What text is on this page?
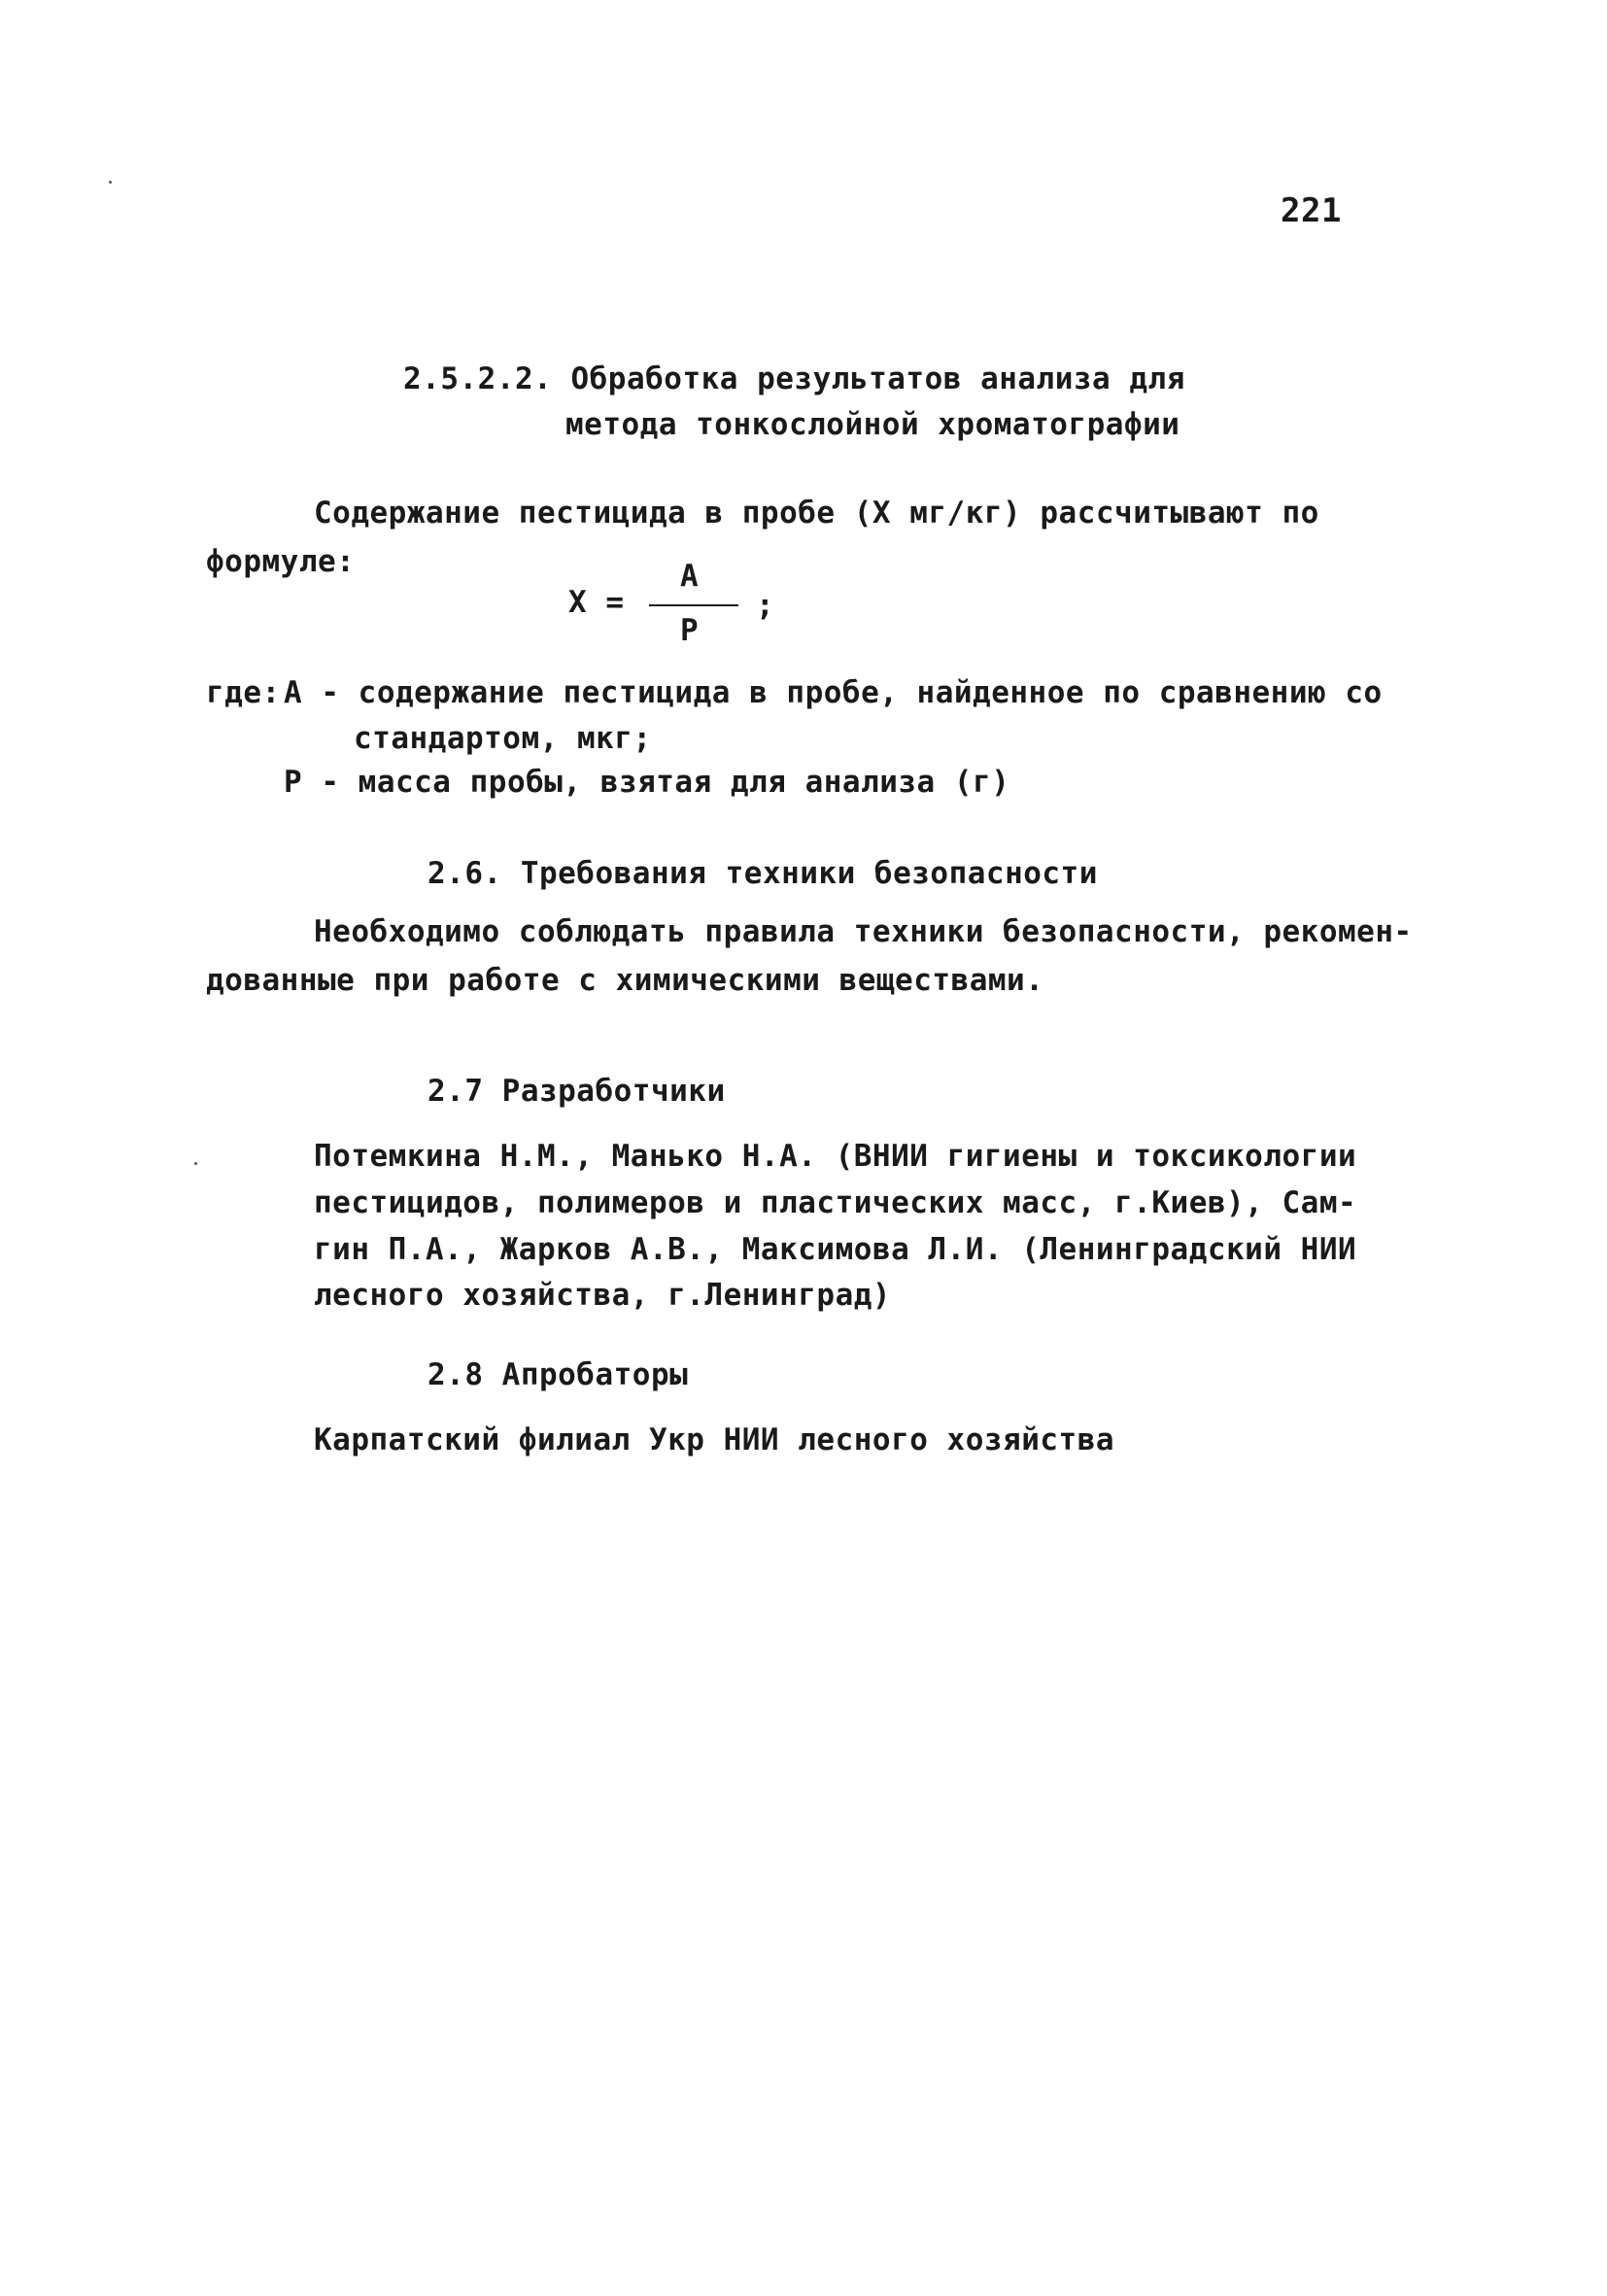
221
2.5.2.2. Обработка результатов анализа для
метода тонкослойной хроматографии
Содержание пестицида в пробе (X мг/кг) рассчитывают по
формуле:
X =
A
P
;
где: A - содержание пестицида в пробе, найденное по сравнению со
стандартом, мкг;
P - масса пробы, взятая для анализа (г)
2.6. Требования техники безопасности
Необходимо соблюдать правила техники безопасности, рекомен-
дованные при работе с химическими веществами.
2.7 Разработчики
Потемкина Н.М., Манько Н.А. (ВНИИ гигиены и токсикологии
пестицидов, полимеров и пластических масс, г.Киев), Сам-
гин П.А., Жарков А.В., Максимова Л.И. (Ленинградский НИИ
лесного хозяйства, г.Ленинград)
2.8 Апробаторы
Карпатский филиал Укр НИИ лесного хозяйства
